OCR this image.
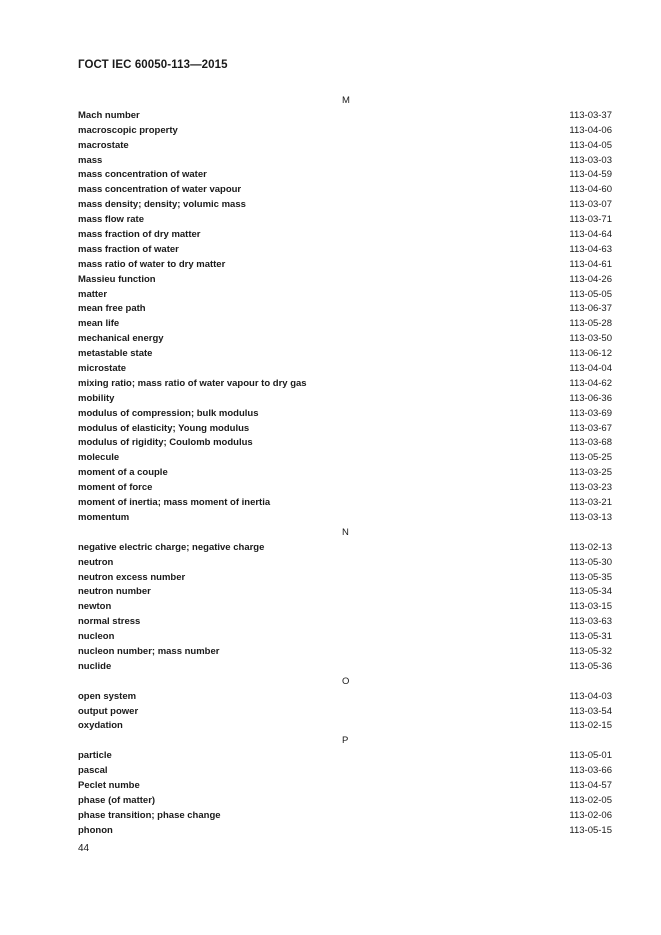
ГОСТ IEC 60050-113—2015
M
Mach number	113-03-37
macroscopic property	113-04-06
macrostate	113-04-05
mass	113-03-03
mass concentration of water	113-04-59
mass concentration of water vapour	113-04-60
mass density; density; volumic mass	113-03-07
mass flow rate	113-03-71
mass fraction of dry matter	113-04-64
mass fraction of water	113-04-63
mass ratio of water to dry matter	113-04-61
Massieu function	113-04-26
matter	113-05-05
mean free path	113-06-37
mean life	113-05-28
mechanical energy	113-03-50
metastable state	113-06-12
microstate	113-04-04
mixing ratio; mass ratio of water vapour to dry gas	113-04-62
mobility	113-06-36
modulus of compression; bulk modulus	113-03-69
modulus of elasticity; Young modulus	113-03-67
modulus of rigidity; Coulomb modulus	113-03-68
molecule	113-05-25
moment of a couple	113-03-25
moment of force	113-03-23
moment of inertia; mass moment of inertia	113-03-21
momentum	113-03-13
N
negative electric charge; negative charge	113-02-13
neutron	113-05-30
neutron excess number	113-05-35
neutron number	113-05-34
newton	113-03-15
normal stress	113-03-63
nucleon	113-05-31
nucleon number; mass number	113-05-32
nuclide	113-05-36
O
open system	113-04-03
output power	113-03-54
oxydation	113-02-15
P
particle	113-05-01
pascal	113-03-66
Peclet numbe	113-04-57
phase (of matter)	113-02-05
phase transition; phase change	113-02-06
phonon	113-05-15
44
